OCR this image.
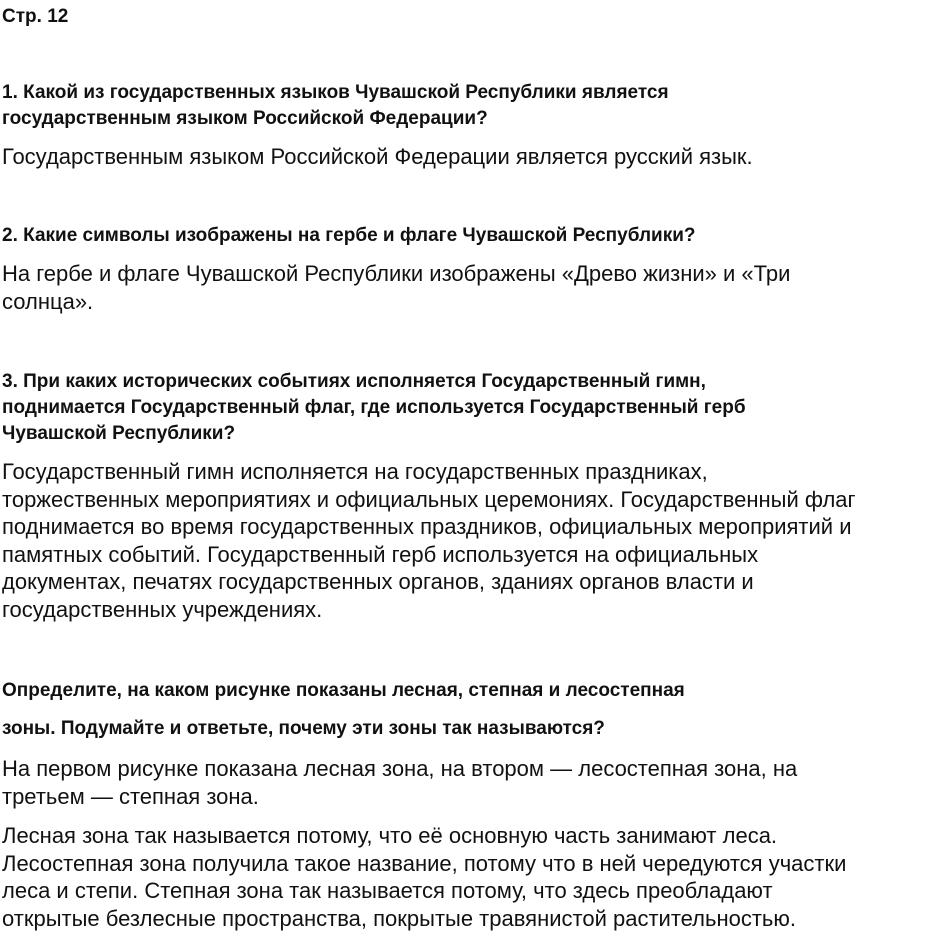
Стр. 12
1. Какой из государственных языков Чувашской Республики является
государственным языком Российской Федерации?
Государственным языком Российской Федерации является русский язык.
2. Какие символы изображены на гербе и флаге Чувашской Республики?
На гербе и флаге Чувашской Республики изображены «Древо жизни» и «Три
солнца».
3. При каких исторических событиях исполняется Государственный гимн,
поднимается Государственный флаг, где используется Государственный герб
Чувашской Республики?
Государственный гимн исполняется на государственных праздниках,
торжественных мероприятиях и официальных церемониях. Государственный флаг
поднимается во время государственных праздников, официальных мероприятий и
памятных событий. Государственный герб используется на официальных
документах, печатях государственных органов, зданиях органов власти и
государственных учреждениях.
Определите, на каком рисунке показаны лесная, степная и лесостепная
зоны. Подумайте и ответьте, почему эти зоны так называются?
На первом рисунке показана лесная зона, на втором — лесостепная зона, на
третьем — степная зона.
Лесная зона так называется потому, что её основную часть занимают леса.
Лесостепная зона получила такое название, потому что в ней чередуются участки
леса и степи. Степная зона так называется потому, что здесь преобладают
открытые безлесные пространства, покрытые травянистой растительностью.
